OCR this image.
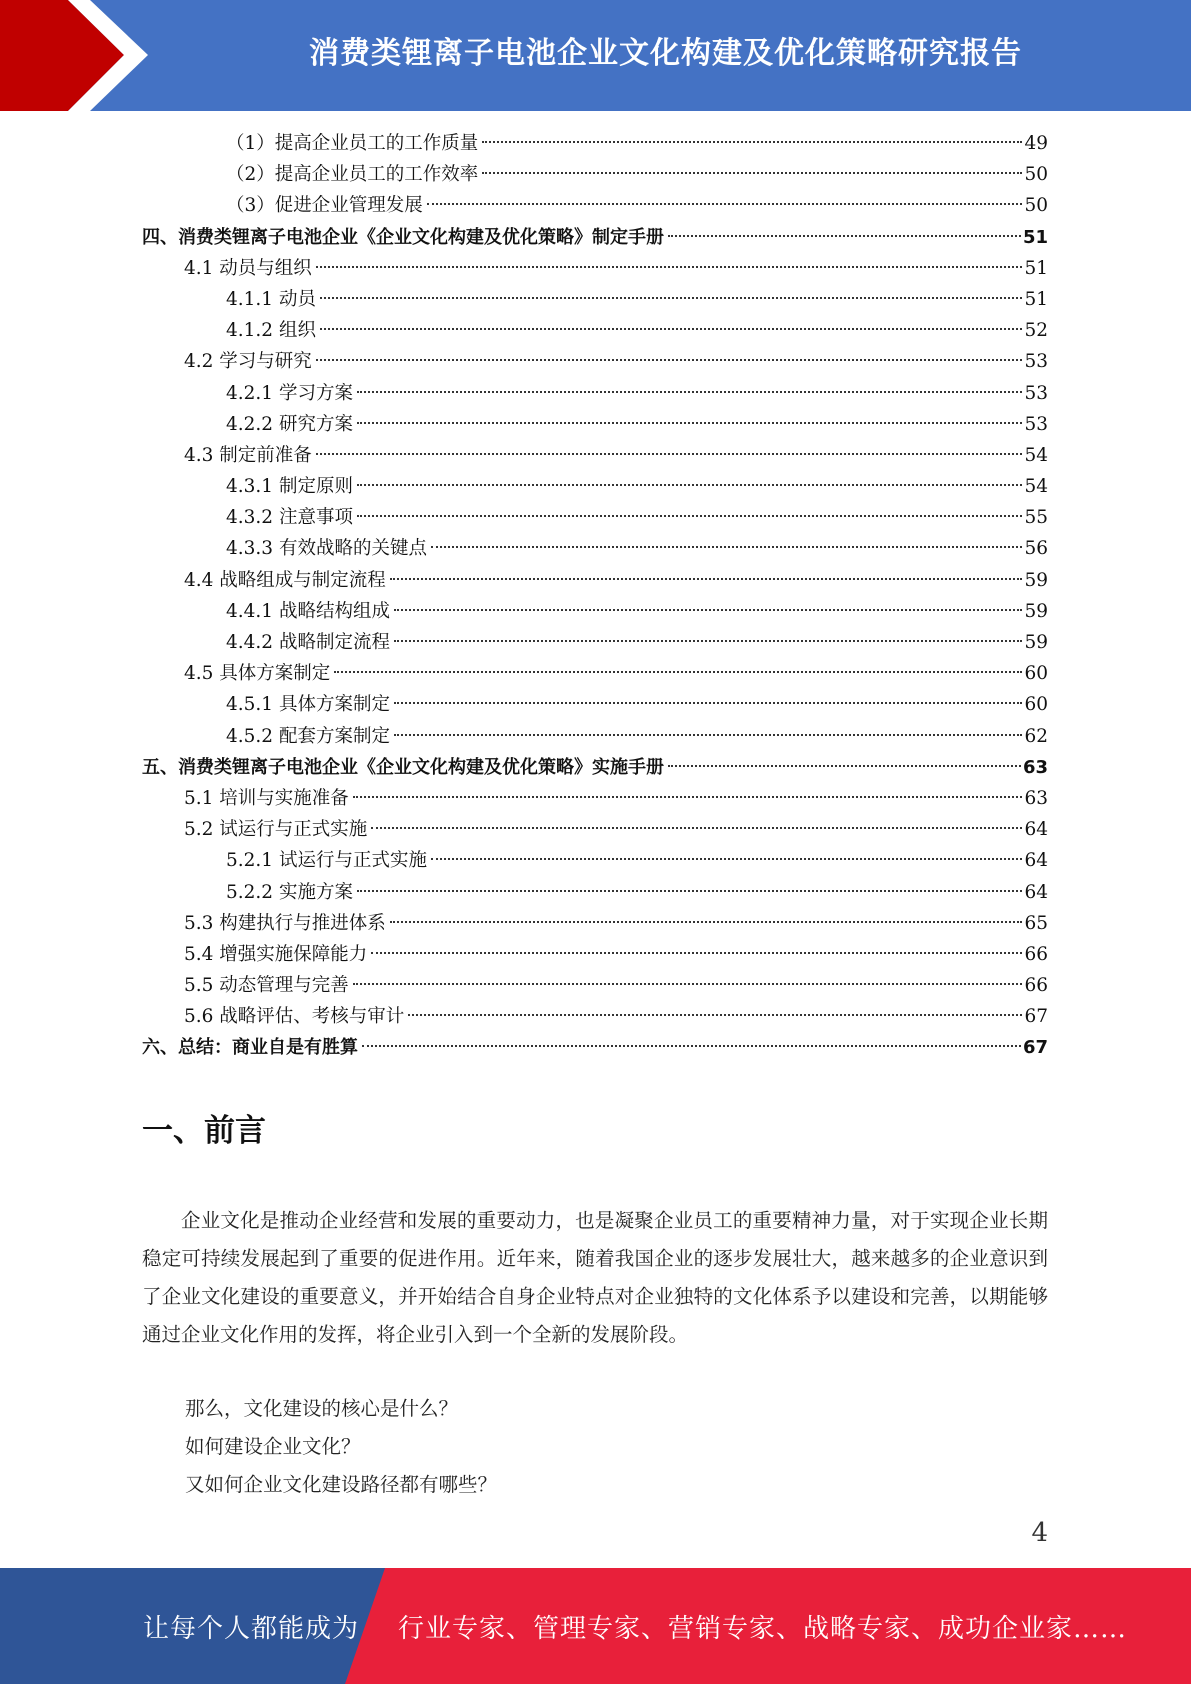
消费类锂离子电池企业文化构建及优化策略研究报告
（1）提高企业员工的工作质量	49
（2）提高企业员工的工作效率	50
（3）促进企业管理发展	50
四、消费类锂离子电池企业《企业文化构建及优化策略》制定手册	51
4.1 动员与组织	51
4.1.1 动员	51
4.1.2 组织	52
4.2 学习与研究	53
4.2.1 学习方案	53
4.2.2 研究方案	53
4.3 制定前准备	54
4.3.1 制定原则	54
4.3.2 注意事项	55
4.3.3 有效战略的关键点	56
4.4 战略组成与制定流程	59
4.4.1 战略结构组成	59
4.4.2 战略制定流程	59
4.5 具体方案制定	60
4.5.1 具体方案制定	60
4.5.2 配套方案制定	62
五、消费类锂离子电池企业《企业文化构建及优化策略》实施手册	63
5.1 培训与实施准备	63
5.2 试运行与正式实施	64
5.2.1 试运行与正式实施	64
5.2.2 实施方案	64
5.3 构建执行与推进体系	65
5.4 增强实施保障能力	66
5.5 动态管理与完善	66
5.6 战略评估、考核与审计	67
六、总结：商业自是有胜算	67
一、前言

企业文化是推动企业经营和发展的重要动力，也是凝聚企业员工的重要精神力量，对于实现企业长期稳定可持续发展起到了重要的促进作用。近年来，随着我国企业的逐步发展壮大，越来越多的企业意识到了企业文化建设的重要意义，并开始结合自身企业特点对企业独特的文化体系予以建设和完善，以期能够通过企业文化作用的发挥，将企业引入到一个全新的发展阶段。

那么，文化建设的核心是什么？
如何建设企业文化？
又如何企业文化建设路径都有哪些？
4
让每个人都能成为 行业专家、管理专家、营销专家、战略专家、成功企业家……
